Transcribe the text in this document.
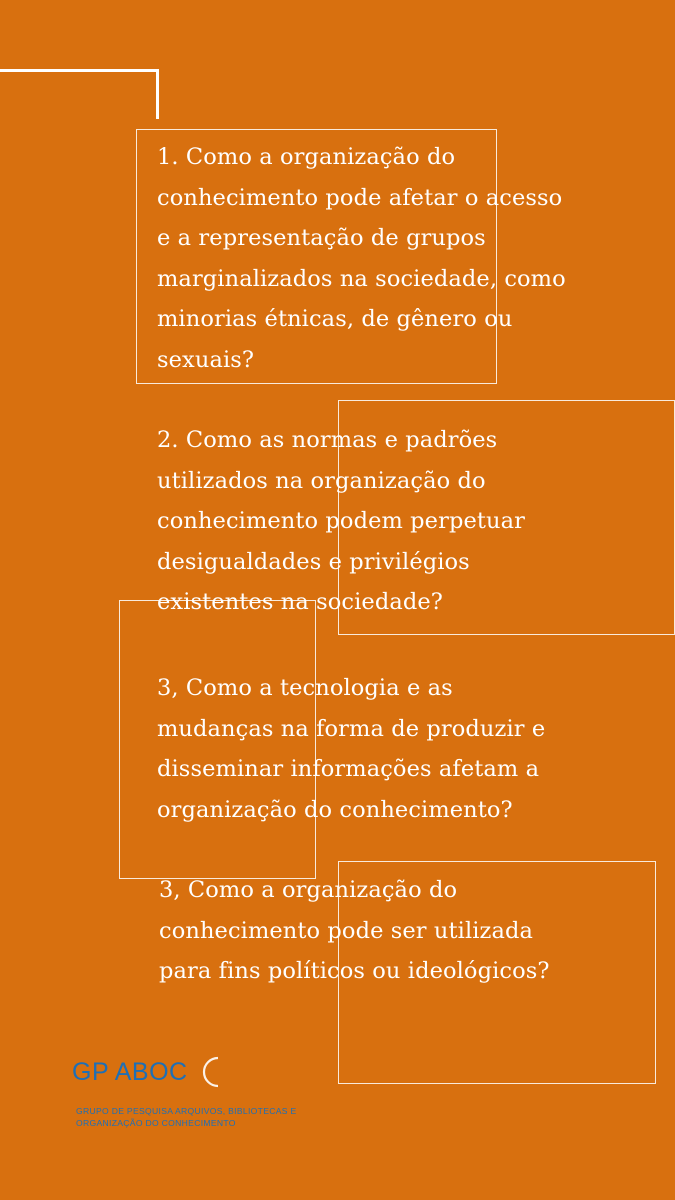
1. Como a organização do
conhecimento pode afetar o acesso
e a representação de grupos
marginalizados na sociedade, como
minorias étnicas, de gênero ou
sexuais?

2. Como as normas e padrões
utilizados na organização do
conhecimento podem perpetuar
desigualdades e privilégios
existentes na sociedade?

3, Como a tecnologia e as
mudanças na forma de produzir e
disseminar informações afetam a
organização do conhecimento?

3, Como a organização do
conhecimento pode ser utilizada
para fins políticos ou ideológicos?

GP ABOC
GRUPO DE PESQUISA ARQUIVOS, BIBLIOTECAS E
ORGANIZAÇÃO DO CONHECIMENTO
